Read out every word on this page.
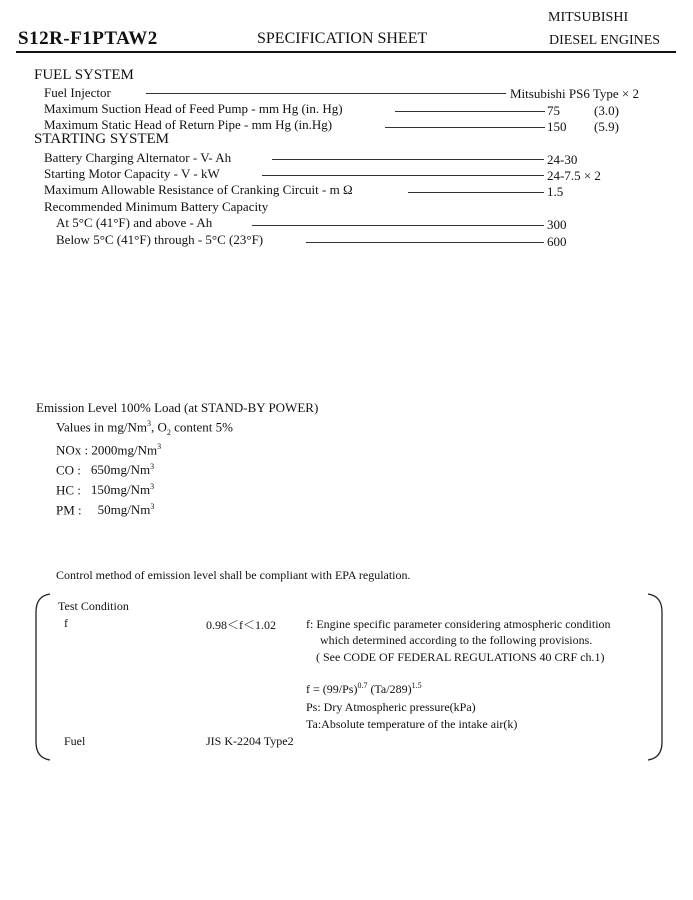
S12R-F1PTAW2	SPECIFICATION SHEET
MITSUBISHI
DIESEL ENGINES
FUEL SYSTEM
Fuel Injector	Mitsubishi PS6 Type × 2
Maximum Suction Head of Feed Pump - mm Hg (in. Hg)	75	(3.0)
Maximum Static Head of Return Pipe - mm Hg (in.Hg)	150 (5.9)
STARTING SYSTEM
Battery Charging Alternator - V- Ah	24-30
Starting Motor Capacity - V - kW	24-7.5 × 2
Maximum Allowable Resistance of Cranking Circuit - m Ω	1.5
Recommended Minimum Battery Capacity
At 5°C (41°F) and above - Ah	300
Below 5°C (41°F) through - 5°C (23°F)	600
Emission Level 100% Load (at STAND-BY POWER)
Values in mg/Nm$^3$, $O_2$ content 5%
NOx : 2000mg/Nm$^3$
CO : 650mg/Nm$^3$
HC : 150mg/Nm$^3$
PM : 50mg/Nm$^3$
Control method of emission level shall be compliant with EPA regulation.
Test Condition
f	0.98＜f＜1.02	f: Engine specific parameter considering atmospheric condition
which determined according to the following provisions.
( See CODE OF FEDERAL REGULATIONS 40 CRF ch.1)
$f = (99/Ps)^{0.7}$ $(Ta/289)^{1.5}$
Ps: Dry Atmospheric pressure(kPa)
Ta:Absolute temperature of the intake air(k)
Fuel	JIS K-2204 Type2
